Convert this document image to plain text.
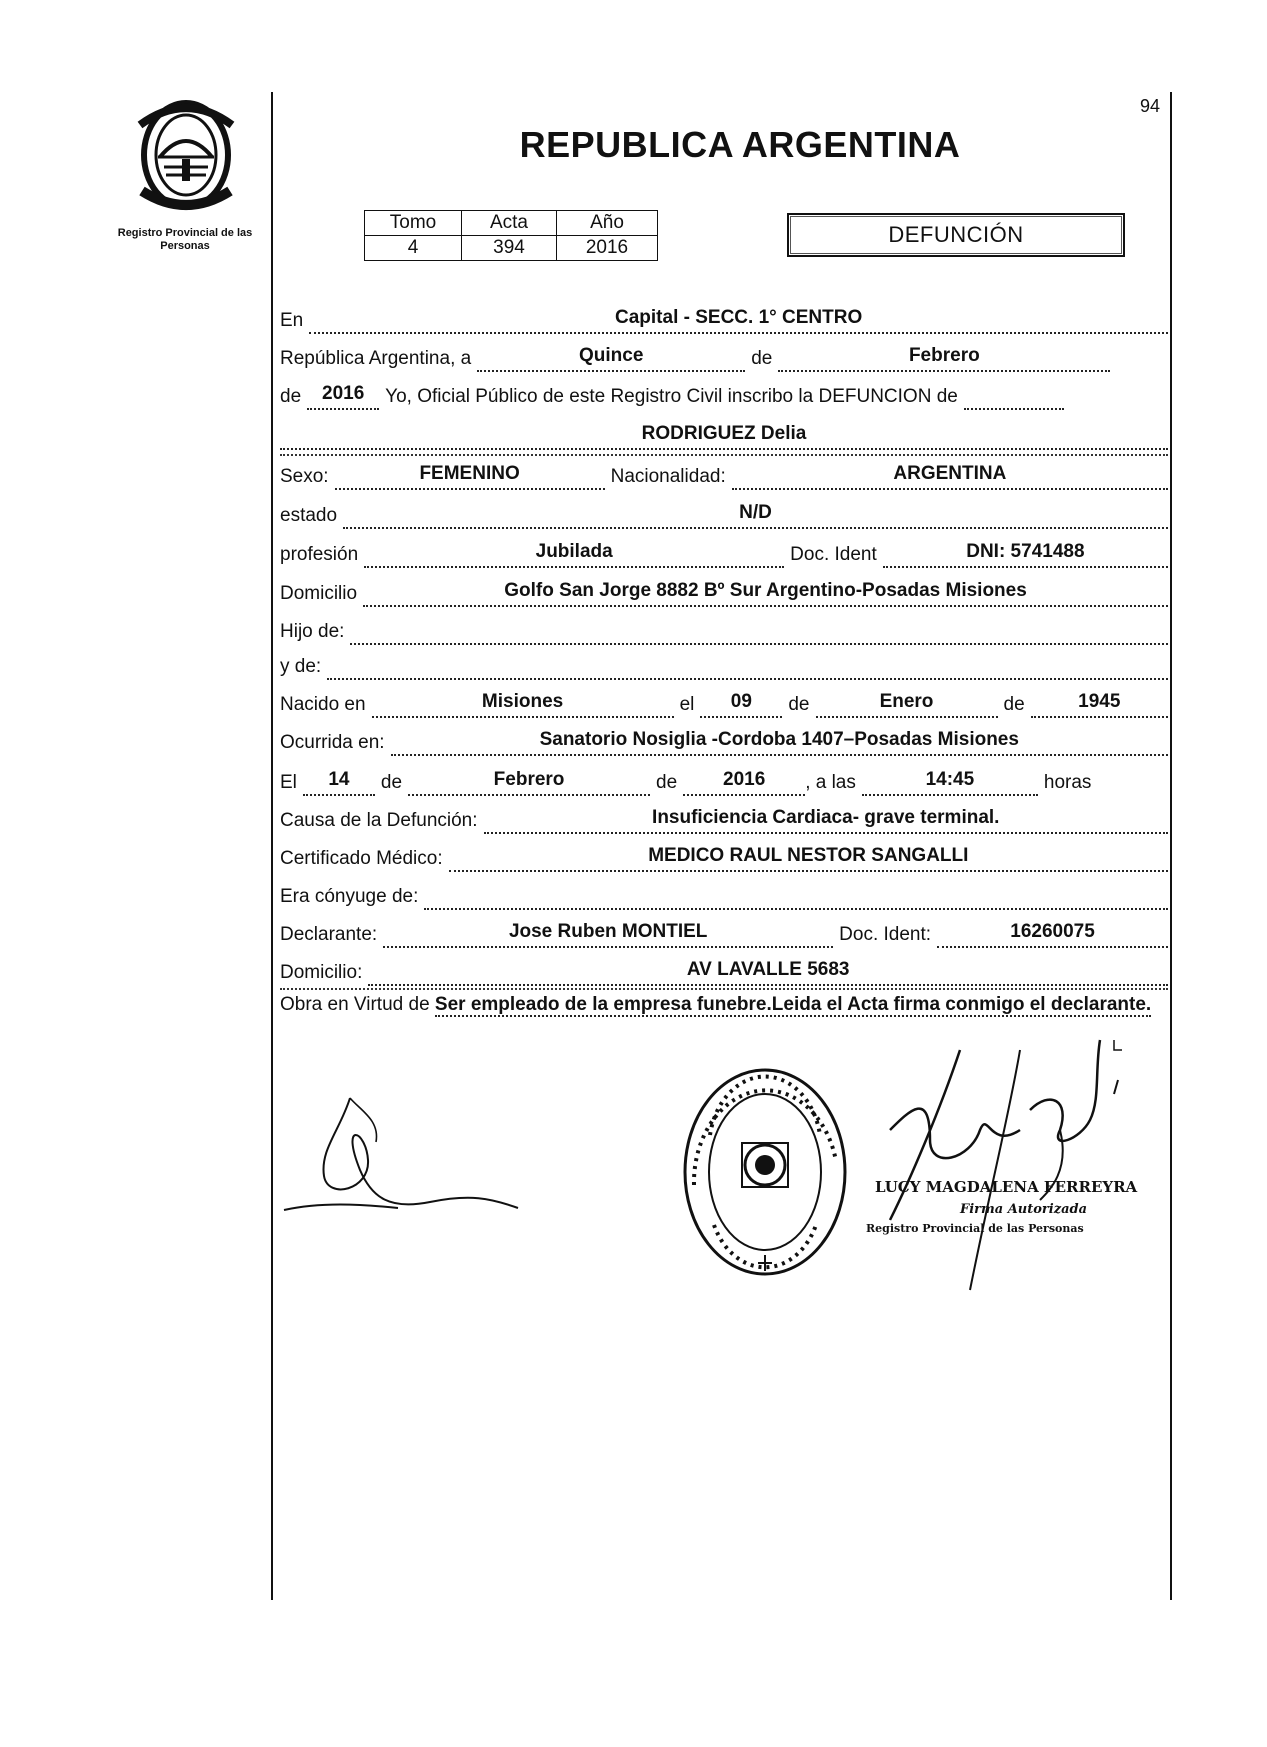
Registro Provincial de las Personas
94
REPUBLICA ARGENTINA
Tomo	Acta	Año
4	394	2016
DEFUNCIÓN
En	Capital - SECC. 1° CENTRO
República Argentina, a	Quince	de	Febrero
de	2016	Yo, Oficial Público de este Registro Civil inscribo la DEFUNCION de
RODRIGUEZ Delia
Sexo:	FEMENINO	Nacionalidad:	ARGENTINA
estado	N/D
profesión	Jubilada	Doc. Ident	DNI: 5741488
Domicilio	Golfo San Jorge 8882 Bº Sur Argentino-Posadas Misiones
Hijo de:
y de:
Nacido en	Misiones	el	09	de	Enero	de	1945
Ocurrida en:	Sanatorio Nosiglia -Cordoba 1407–Posadas Misiones
El	14	de	Febrero	de	2016	, a las	14:45	horas
Causa de la Defunción:	Insuficiencia Cardiaca- grave terminal.
Certificado Médico:	MEDICO RAUL NESTOR SANGALLI
Era cónyuge de:
Declarante:	Jose Ruben MONTIEL	Doc. Ident:	16260075
Domicilio:	AV LAVALLE 5683
Obra en Virtud de Ser empleado de la empresa funebre.Leida el Acta firma conmigo el declarante.
LUCY MAGDALENA FERREYRA
Firma Autorizada
Registro Provincial de las Personas
